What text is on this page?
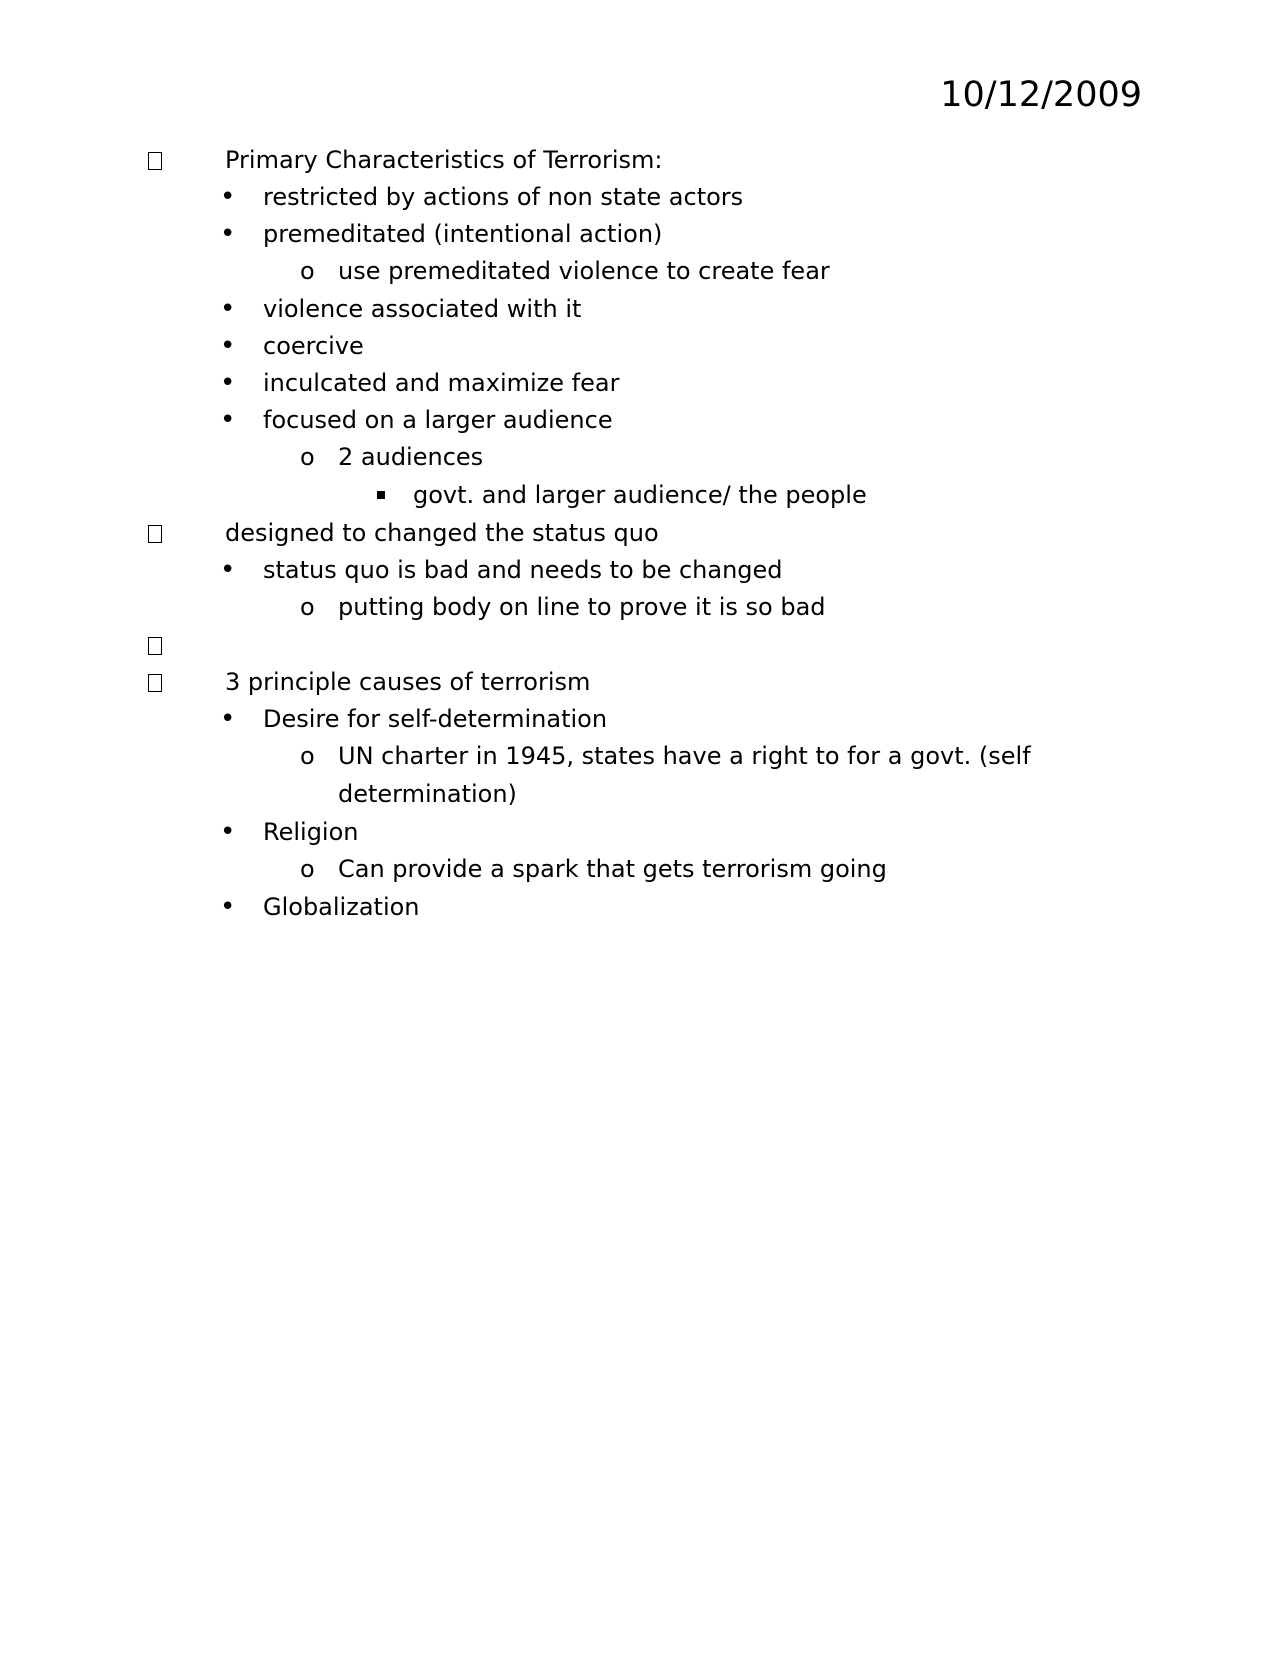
10/12/2009
Primary Characteristics of Terrorism:
• restricted by actions of non state actors
• premeditated (intentional action)
o use premeditated violence to create fear
• violence associated with it
• coercive
• inculcated and maximize fear
• focused on a larger audience
o 2 audiences
govt. and larger audience/ the people
designed to changed the status quo
• status quo is bad and needs to be changed
o putting body on line to prove it is so bad
3 principle causes of terrorism
• Desire for self-determination
o UN charter in 1945, states have a right to for a govt. (self
determination)
• Religion
o Can provide a spark that gets terrorism going
• Globalization
